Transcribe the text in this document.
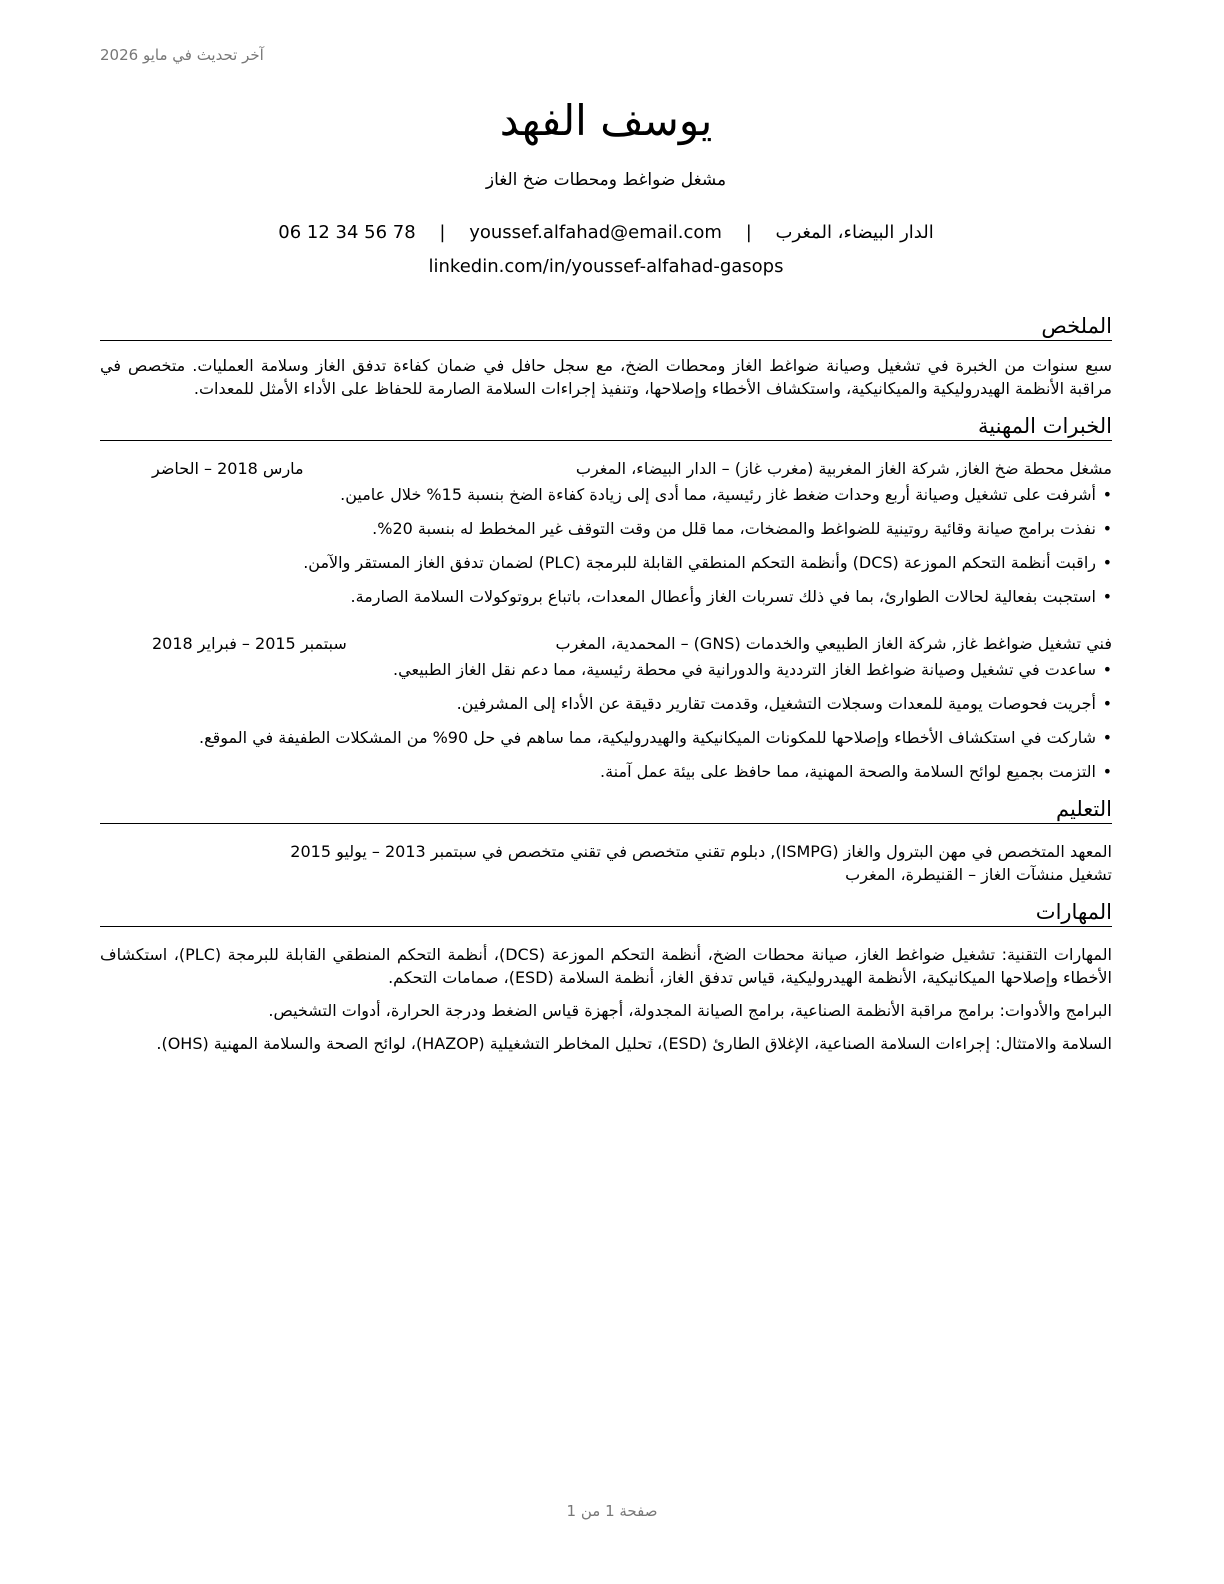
آخر تحديث في مايو 2026
يوسف الفهد
مشغل ضواغط ومحطات ضخ الغاز
الدار البيضاء، المغرب | youssef.alfahad@email.com | 06 12 34 56 78
linkedin.com/in/youssef-alfahad-gasops
الملخص
سبع سنوات من الخبرة في تشغيل وصيانة ضواغط الغاز ومحطات الضخ، مع سجل حافل في ضمان كفاءة تدفق الغاز وسلامة العمليات. متخصص في مراقبة الأنظمة الهيدروليكية والميكانيكية، واستكشاف الأخطاء وإصلاحها، وتنفيذ إجراءات السلامة الصارمة للحفاظ على الأداء الأمثل للمعدات.
الخبرات المهنية
مشغل محطة ضخ الغاز, شركة الغاز المغربية (مغرب غاز) – الدار البيضاء، المغرب
مارس 2018 – الحاضر
•
أشرفت على تشغيل وصيانة أربع وحدات ضغط غاز رئيسية، مما أدى إلى زيادة كفاءة الضخ بنسبة 15% خلال عامين.
•
نفذت برامج صيانة وقائية روتينية للضواغط والمضخات، مما قلل من وقت التوقف غير المخطط له بنسبة 20%.
•
راقبت أنظمة التحكم الموزعة (DCS) وأنظمة التحكم المنطقي القابلة للبرمجة (PLC) لضمان تدفق الغاز المستقر والآمن.
•
استجبت بفعالية لحالات الطوارئ، بما في ذلك تسربات الغاز وأعطال المعدات، باتباع بروتوكولات السلامة الصارمة.
فني تشغيل ضواغط غاز, شركة الغاز الطبيعي والخدمات (GNS) – المحمدية، المغرب
سبتمبر 2015 – فبراير 2018
•
ساعدت في تشغيل وصيانة ضواغط الغاز الترددية والدورانية في محطة رئيسية، مما دعم نقل الغاز الطبيعي.
•
أجريت فحوصات يومية للمعدات وسجلات التشغيل، وقدمت تقارير دقيقة عن الأداء إلى المشرفين.
•
شاركت في استكشاف الأخطاء وإصلاحها للمكونات الميكانيكية والهيدروليكية، مما ساهم في حل 90% من المشكلات الطفيفة في الموقع.
•
التزمت بجميع لوائح السلامة والصحة المهنية، مما حافظ على بيئة عمل آمنة.
التعليم
المعهد المتخصص في مهن البترول والغاز (ISMPG), دبلوم تقني متخصص في تقني متخصص في سبتمبر 2013 – يوليو 2015
تشغيل منشآت الغاز – القنيطرة، المغرب
المهارات
المهارات التقنية: تشغيل ضواغط الغاز، صيانة محطات الضخ، أنظمة التحكم الموزعة (DCS)، أنظمة التحكم المنطقي القابلة للبرمجة (PLC)، استكشاف الأخطاء وإصلاحها الميكانيكية، الأنظمة الهيدروليكية، قياس تدفق الغاز، أنظمة السلامة (ESD)، صمامات التحكم.
البرامج والأدوات: برامج مراقبة الأنظمة الصناعية، برامج الصيانة المجدولة، أجهزة قياس الضغط ودرجة الحرارة، أدوات التشخيص.
السلامة والامتثال: إجراءات السلامة الصناعية، الإغلاق الطارئ (ESD)، تحليل المخاطر التشغيلية (HAZOP)، لوائح الصحة والسلامة المهنية (OHS).
صفحة 1 من 1
